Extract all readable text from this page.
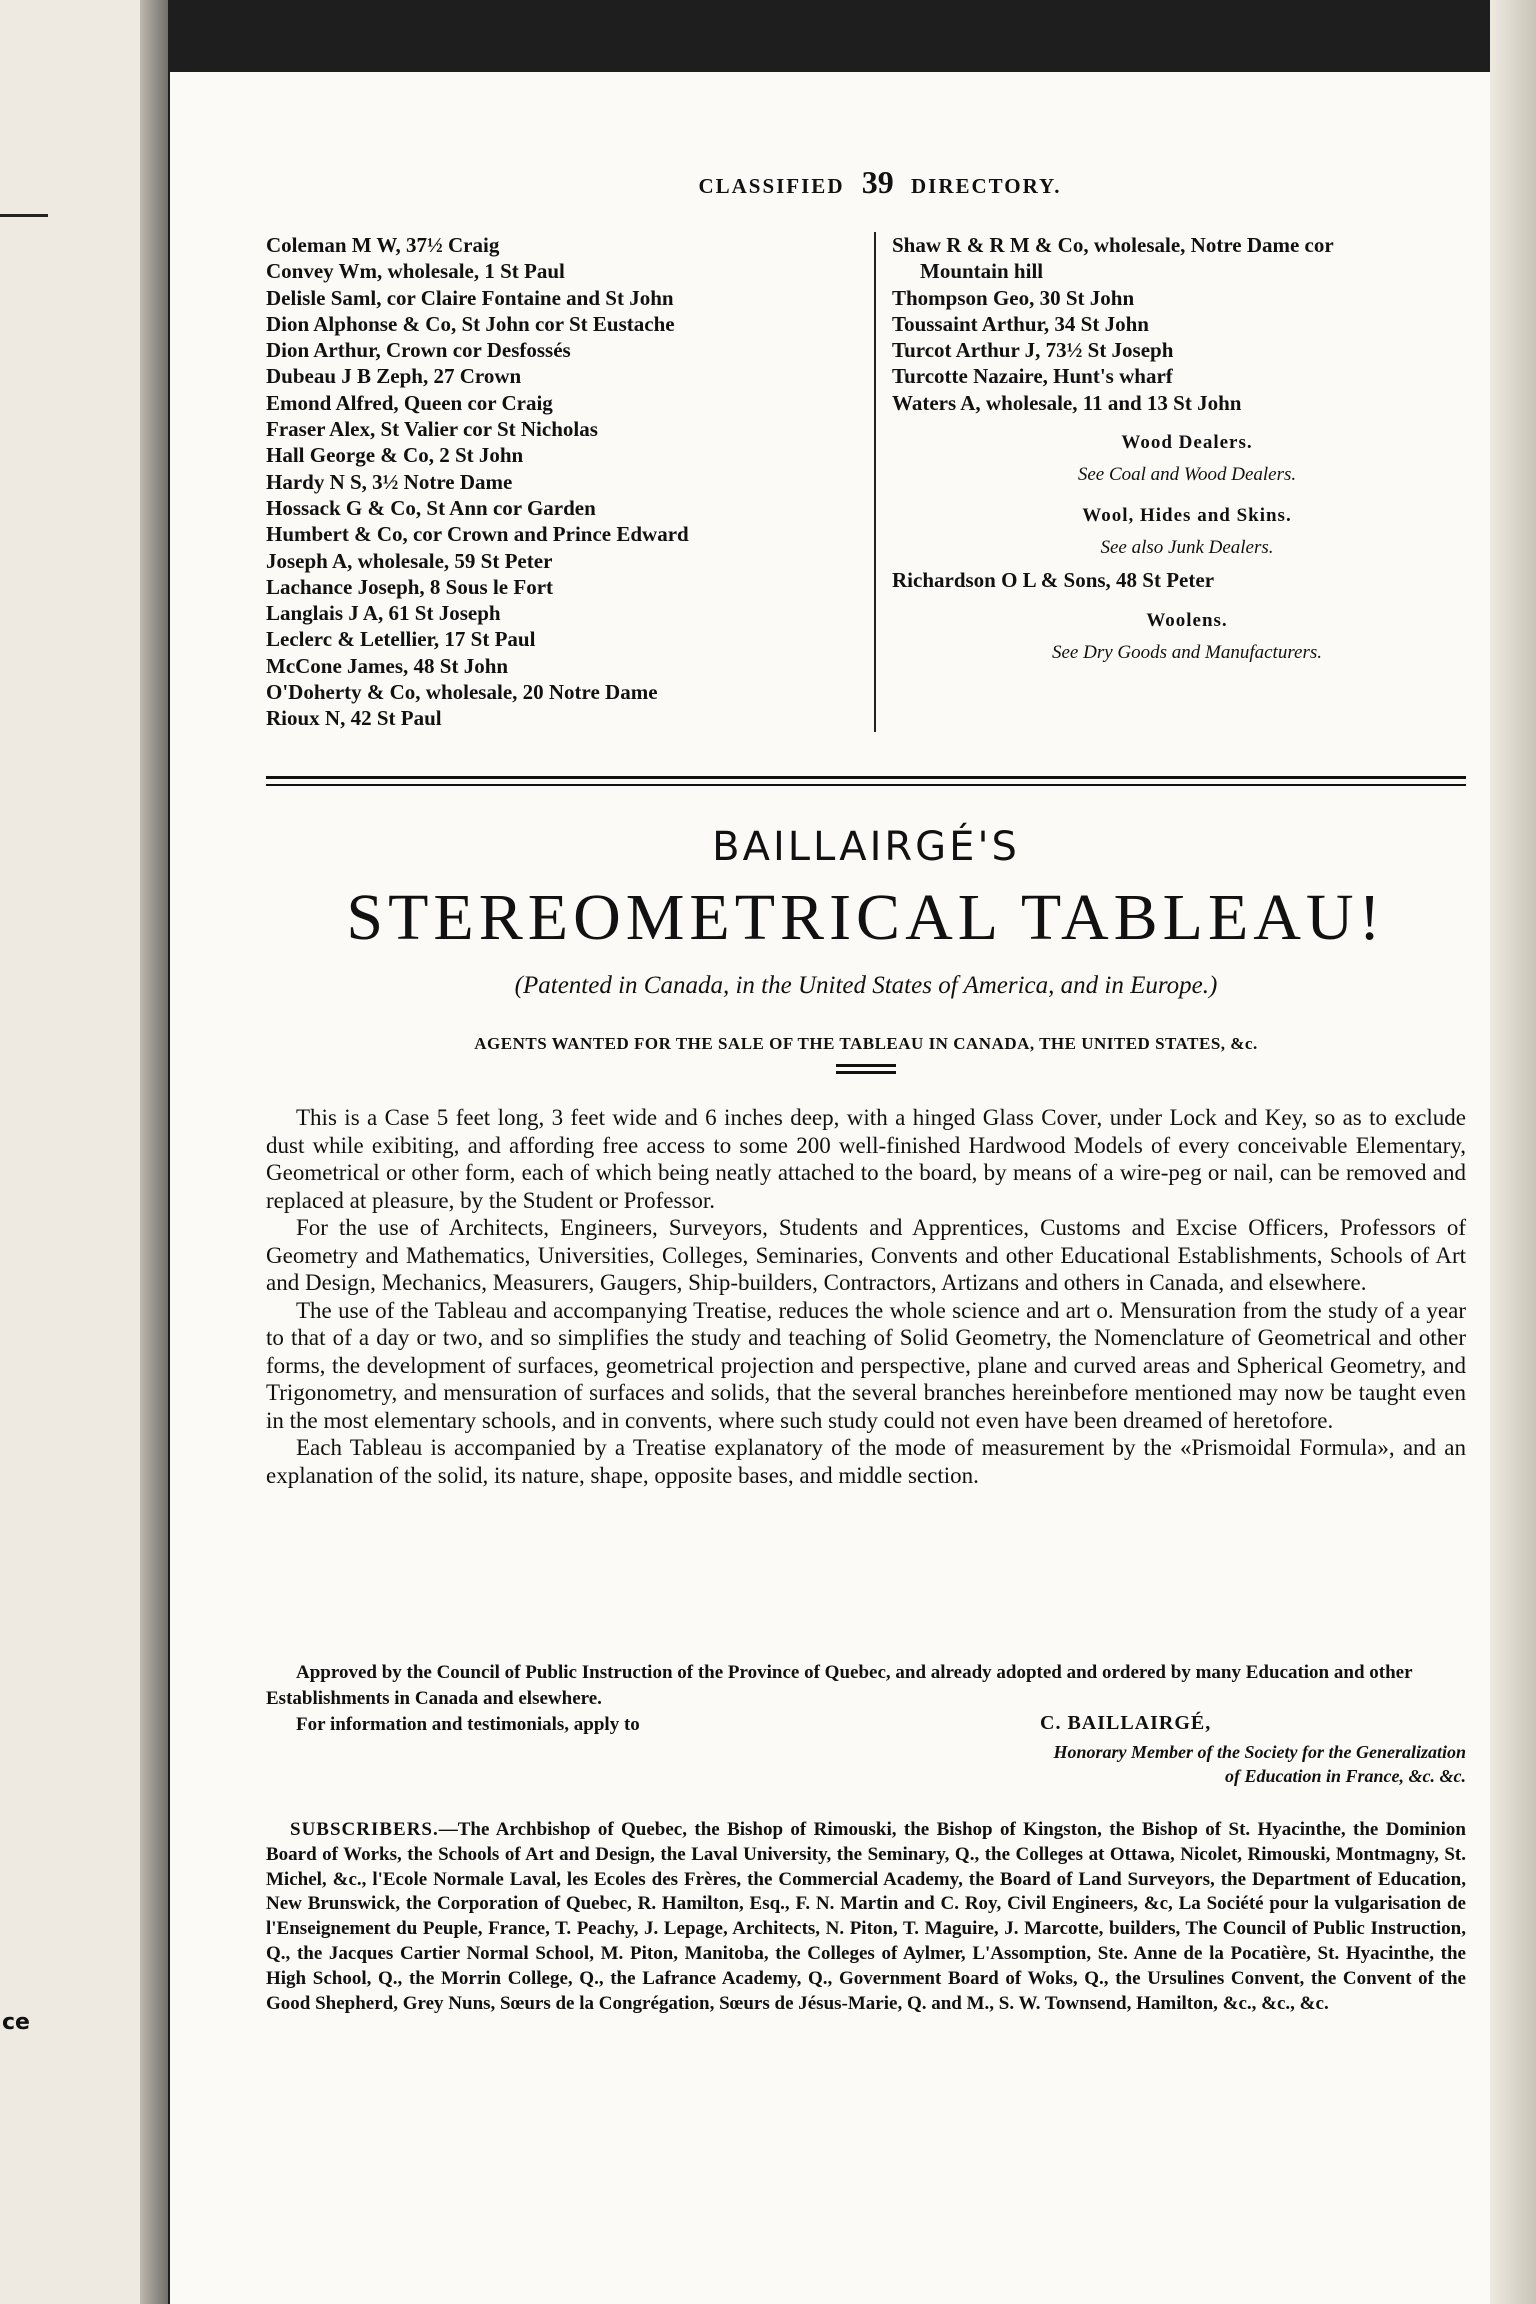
ce
CLASSIFIED 39 DIRECTORY.
Coleman M W, 37½ Craig
Convey Wm, wholesale, 1 St Paul
Delisle Saml, cor Claire Fontaine and St John
Dion Alphonse & Co, St John cor St Eustache
Dion Arthur, Crown cor Desfossés
Dubeau J B Zeph, 27 Crown
Emond Alfred, Queen cor Craig
Fraser Alex, St Valier cor St Nicholas
Hall George & Co, 2 St John
Hardy N S, 3½ Notre Dame
Hossack G & Co, St Ann cor Garden
Humbert & Co, cor Crown and Prince Edward
Joseph A, wholesale, 59 St Peter
Lachance Joseph, 8 Sous le Fort
Langlais J A, 61 St Joseph
Leclerc & Letellier, 17 St Paul
McCone James, 48 St John
O'Doherty & Co, wholesale, 20 Notre Dame
Rioux N, 42 St Paul
Shaw R & R M & Co, wholesale, Notre Dame cor
Mountain hill
Thompson Geo, 30 St John
Toussaint Arthur, 34 St John
Turcot Arthur J, 73½ St Joseph
Turcotte Nazaire, Hunt's wharf
Waters A, wholesale, 11 and 13 St John
Wood Dealers.
See Coal and Wood Dealers.
Wool, Hides and Skins.
See also Junk Dealers.
Richardson O L & Sons, 48 St Peter
Woolens.
See Dry Goods and Manufacturers.
BAILLAIRGÉ'S
STEREOMETRICAL TABLEAU!
(Patented in Canada, in the United States of America, and in Europe.)
AGENTS WANTED FOR THE SALE OF THE TABLEAU IN CANADA, THE UNITED STATES, &c.

This is a Case 5 feet long, 3 feet wide and 6 inches deep, with a hinged Glass Cover, under Lock and Key, so as to exclude dust while exibiting, and affording free access to some 200 well-finished Hardwood Models of every conceivable Elementary, Geometrical or other form, each of which being neatly attached to the board, by means of a wire-peg or nail, can be removed and replaced at pleasure, by the Student or Professor.

For the use of Architects, Engineers, Surveyors, Students and Apprentices, Customs and Excise Officers, Professors of Geometry and Mathematics, Universities, Colleges, Seminaries, Convents and other Educational Establishments, Schools of Art and Design, Mechanics, Measurers, Gaugers, Ship-builders, Contractors, Artizans and others in Canada, and elsewhere.

The use of the Tableau and accompanying Treatise, reduces the whole science and art o. Mensuration from the study of a year to that of a day or two, and so simplifies the study and teaching of Solid Geometry, the Nomenclature of Geometrical and other forms, the development of surfaces, geometrical projection and perspective, plane and curved areas and Spherical Geometry, and Trigonometry, and mensuration of surfaces and solids, that the several branches hereinbefore mentioned may now be taught even in the most elementary schools, and in convents, where such study could not even have been dreamed of heretofore.

Each Tableau is accompanied by a Treatise explanatory of the mode of measurement by the «Prismoidal Formula», and an explanation of the solid, its nature, shape, opposite bases, and middle section.

Approved by the Council of Public Instruction of the Province of Quebec, and already adopted and ordered by many Education and other Establishments in Canada and elsewhere.

For information and testimonials, apply to	C. BAILLAIRGÉ,
Honorary Member of the Society for the Generalization
of Education in France, &c. &c.

SUBSCRIBERS.—The Archbishop of Quebec, the Bishop of Rimouski, the Bishop of Kingston, the Bishop of St. Hyacinthe, the Dominion Board of Works, the Schools of Art and Design, the Laval University, the Seminary, Q., the Colleges at Ottawa, Nicolet, Rimouski, Montmagny, St. Michel, &c., l'Ecole Normale Laval, les Ecoles des Frères, the Commercial Academy, the Board of Land Surveyors, the Department of Education, New Brunswick, the Corporation of Quebec, R. Hamilton, Esq., F. N. Martin and C. Roy, Civil Engineers, &c, La Société pour la vulgarisation de l'Enseignement du Peuple, France, T. Peachy, J. Lepage, Architects, N. Piton, T. Maguire, J. Marcotte, builders, The Council of Public Instruction, Q., the Jacques Cartier Normal School, M. Piton, Manitoba, the Colleges of Aylmer, L'Assomption, Ste. Anne de la Pocatière, St. Hyacinthe, the High School, Q., the Morrin College, Q., the Lafrance Academy, Q., Government Board of Woks, Q., the Ursulines Convent, the Convent of the Good Shepherd, Grey Nuns, Sœurs de la Congrégation, Sœurs de Jésus-Marie, Q. and M., S. W. Townsend, Hamilton, &c., &c., &c.
